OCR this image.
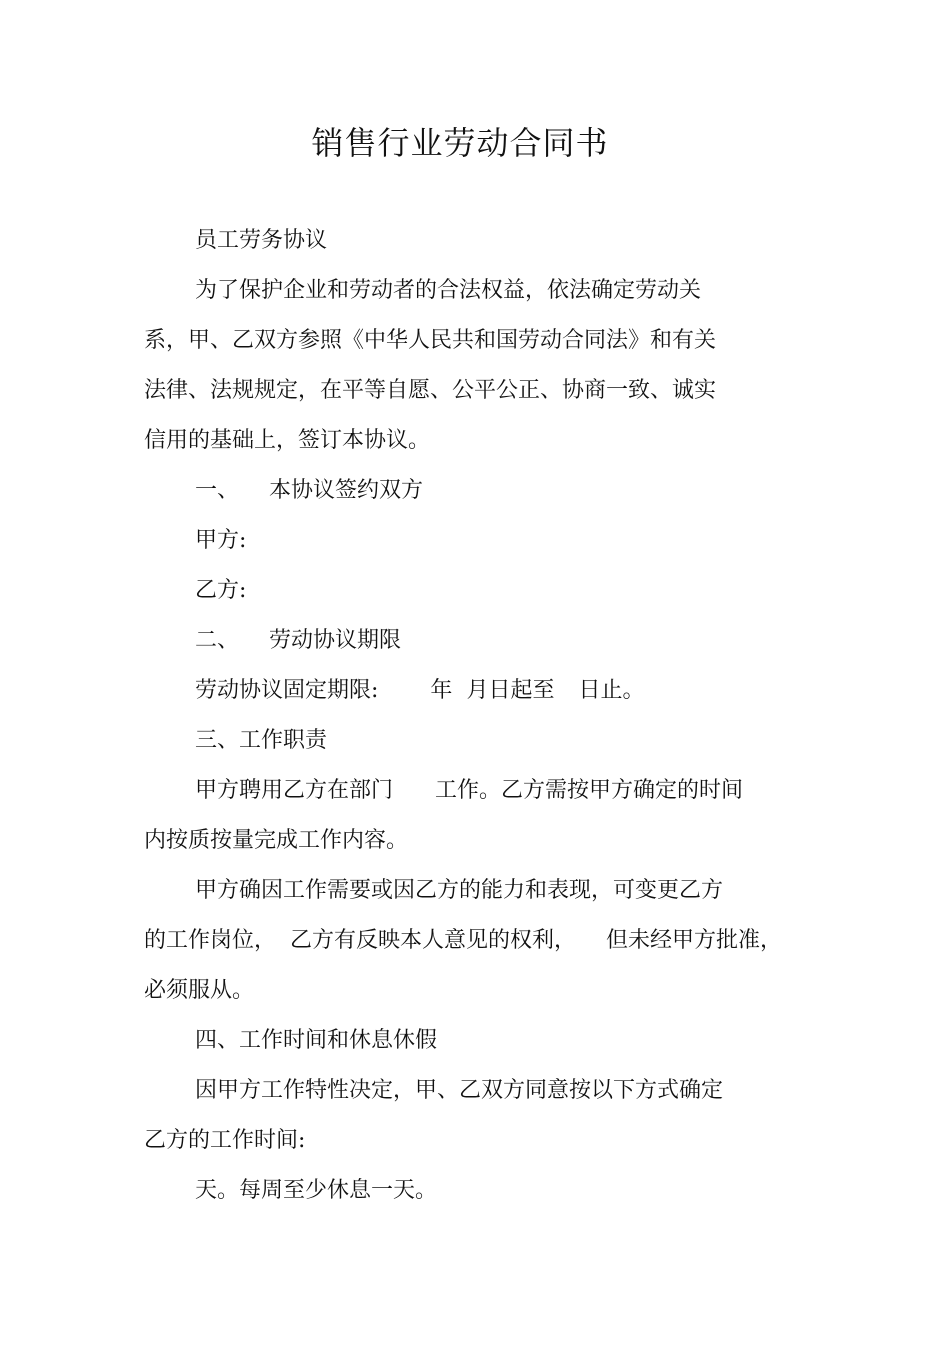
销售行业劳动合同书
员工劳务协议
为了保护企业和劳动者的合法权益，依法确定劳动关
系，甲、乙双方参照《中华人民共和国劳动合同法》和有关
法律、法规规定，在平等自愿、公平公正、协商一致、诚实
信用的基础上，签订本协议。
一、 本协议签约双方
甲方:
乙方:
二、 劳动协议期限
劳动协议固定期限: 年 月日起至 日止。
三、工作职责
甲方聘用乙方在部门 工作。乙方需按甲方确定的时间
内按质按量完成工作内容。
甲方确因工作需要或因乙方的能力和表现，可变更乙方
的工作岗位， 乙方有反映本人意见的权利， 但未经甲方批准，
必须服从。
四、工作时间和休息休假
因甲方工作特性决定，甲、乙双方同意按以下方式确定
乙方的工作时间:
天。每周至少休息一天。
